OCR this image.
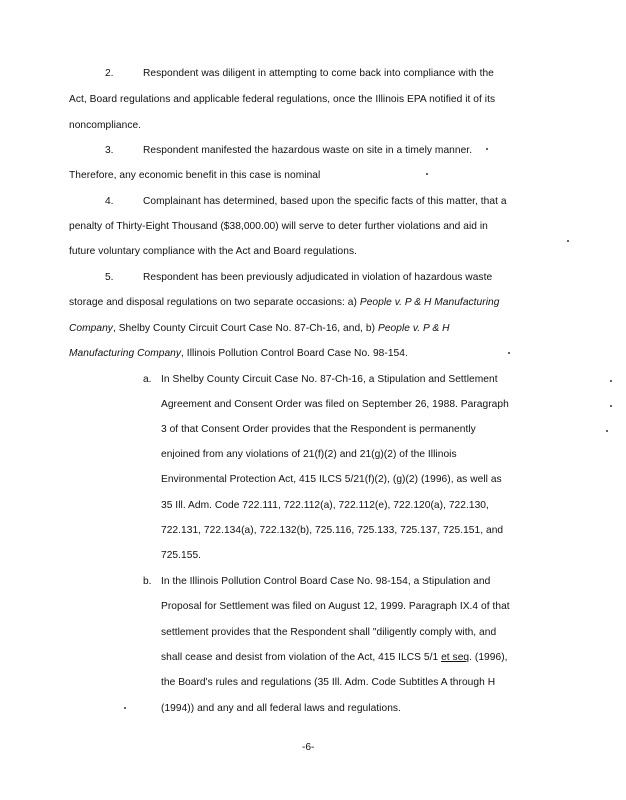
2.	Respondent was diligent in attempting to come back into compliance with the
Act, Board regulations and applicable federal regulations, once the Illinois EPA notified it of its
noncompliance.
3.	Respondent manifested the hazardous waste on site in a timely manner.
Therefore, any economic benefit in this case is nominal
4.	Complainant has determined, based upon the specific facts of this matter, that a
penalty of Thirty-Eight Thousand ($38,000.00) will serve to deter further violations and aid in
future voluntary compliance with the Act and Board regulations.
5.	Respondent has been previously adjudicated in violation of hazardous waste
storage and disposal regulations on two separate occasions: a) People v. P & H Manufacturing
Company, Shelby County Circuit Court Case No. 87-Ch-16, and, b) People v. P & H
Manufacturing Company, Illinois Pollution Control Board Case No. 98-154.
a. In Shelby County Circuit Case No. 87-Ch-16, a Stipulation and Settlement
Agreement and Consent Order was filed on September 26, 1988. Paragraph
3 of that Consent Order provides that the Respondent is permanently
enjoined from any violations of 21(f)(2) and 21(g)(2) of the Illinois
Environmental Protection Act, 415 ILCS 5/21(f)(2), (g)(2) (1996), as well as
35 Ill. Adm. Code 722.111, 722.112(a), 722.112(e), 722.120(a), 722.130,
722.131, 722.134(a), 722.132(b), 725.116, 725.133, 725.137, 725.151, and
725.155.
b. In the Illinois Pollution Control Board Case No. 98-154, a Stipulation and
Proposal for Settlement was filed on August 12, 1999. Paragraph IX.4 of that
settlement provides that the Respondent shall "diligently comply with, and
shall cease and desist from violation of the Act, 415 ILCS 5/1 et seq. (1996),
the Board's rules and regulations (35 Ill. Adm. Code Subtitles A through H
(1994)) and any and all federal laws and regulations.
-6-
